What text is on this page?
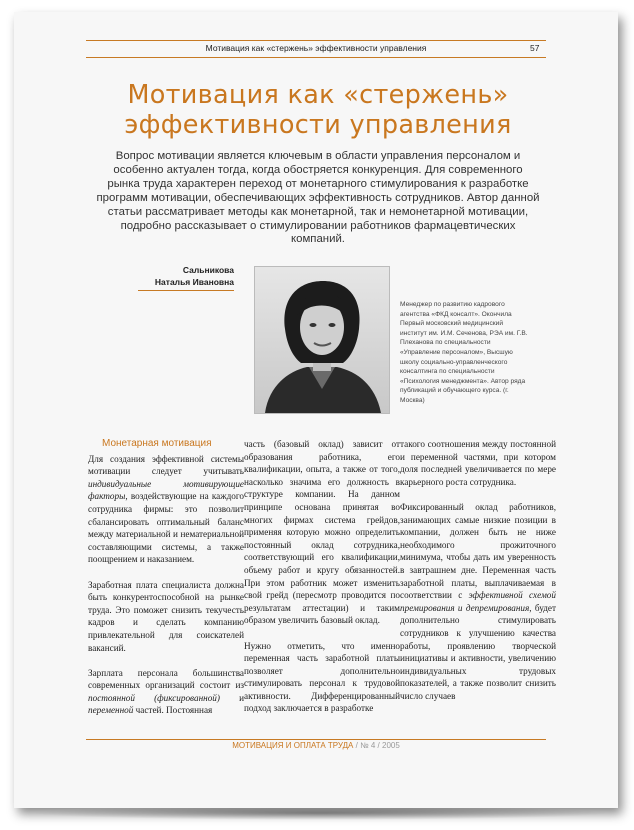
Мотивация как «стержень» эффективности управления	57
Мотивация как «стержень»
эффективности управления
Вопрос мотивации является ключевым в области управления персоналом и особенно актуален тогда, когда обостряется конкуренция. Для современного рынка труда характерен переход от монетарного стимулирования к разработке программ мотивации, обеспечивающих эффективность сотрудников. Автор данной статьи рассматривает методы как монетарной, так и немонетарной мотивации, подробно рассказывает о стимулировании работников фармацевтических компаний.
Сальникова
Наталья Ивановна
Менеджер по развитию кадрового агентства «ФКД консалт». Окончила Первый московский медицинский институт им. И.М. Сеченова, РЭА им. Г.В. Плеханова по специальности «Управление персоналом», Высшую школу социально-управленческого консалтинга по специальности «Психология менеджмента». Автор ряда публикаций и обучающего курса. (г. Москва)
Монетарная мотивация

Для создания эффективной системы мотивации следует учитывать индивидуальные мотивирующие факторы, воздействующие на каждого сотрудника фирмы: это позволит сбалансировать оптимальный баланс между материальной и нематериальной составляющими системы, а также поощрением и наказанием.

Заработная плата специалиста должна быть конкурентоспособной на рынке труда. Это поможет снизить текучесть кадров и сделать компанию привлекательной для соискателей вакансий.

Зарплата персонала большинства современных организаций состоит из постоянной (фиксированной) и переменной частей. Постоянная

часть (базовый оклад) зависит от образования работника, его квалификации, опыта, а также от того, насколько значима его должность в структуре компании. На данном принципе основана принятая во многих фирмах система грейдов, применяя которую можно определить постоянный оклад сотрудника, соответствующий его квалификации, объему работ и кругу обязанностей. При этом работник может изменить свой грейд (пересмотр проводится по результатам аттестации) и таким образом увеличить базовый оклад.

Нужно отметить, что именно переменная часть заработной платы позволяет дополнительно стимулировать персонал к трудовой активности. Дифференцированный подход заключается в разработке

такого соотношения между постоянной и переменной частями, при котором доля последней увеличивается по мере карьерного роста сотрудника.

Фиксированный оклад работников, занимающих самые низкие позиции в компании, должен быть не ниже необходимого прожиточного минимума, чтобы дать им уверенность в завтрашнем дне. Переменная часть заработной платы, выплачиваемая в соответствии с эффективной схемой премирования и депремирования, будет дополнительно стимулировать сотрудников к улучшению качества работы, проявлению творческой инициативы и активности, увеличению индивидуальных трудовых показателей, а также позволит снизить число случаев

МОТИВАЦИЯ И ОПЛАТА ТРУДА / № 4 / 2005
